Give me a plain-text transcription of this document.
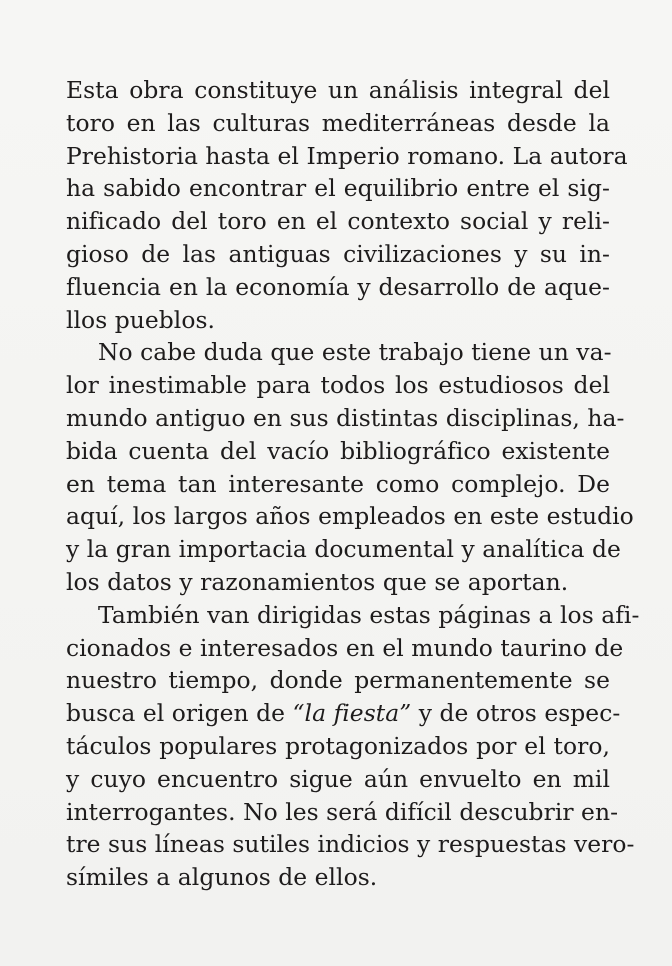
Esta obra constituye un análisis integral del
toro en las culturas mediterráneas desde la
Prehistoria hasta el Imperio romano. La autora
ha sabido encontrar el equilibrio entre el sig-
nificado del toro en el contexto social y reli-
gioso de las antiguas civilizaciones y su in-
fluencia en la economía y desarrollo de aque-
llos pueblos.
No cabe duda que este trabajo tiene un va-
lor inestimable para todos los estudiosos del
mundo antiguo en sus distintas disciplinas, ha-
bida cuenta del vacío bibliográfico existente
en tema tan interesante como complejo. De
aquí, los largos años empleados en este estudio
y la gran importacia documental y analítica de
los datos y razonamientos que se aportan.
También van dirigidas estas páginas a los afi-
cionados e interesados en el mundo taurino de
nuestro tiempo, donde permanentemente se
busca el origen de “la fiesta” y de otros espec-
táculos populares protagonizados por el toro,
y cuyo encuentro sigue aún envuelto en mil
interrogantes. No les será difícil descubrir en-
tre sus líneas sutiles indicios y respuestas vero-
símiles a algunos de ellos.
